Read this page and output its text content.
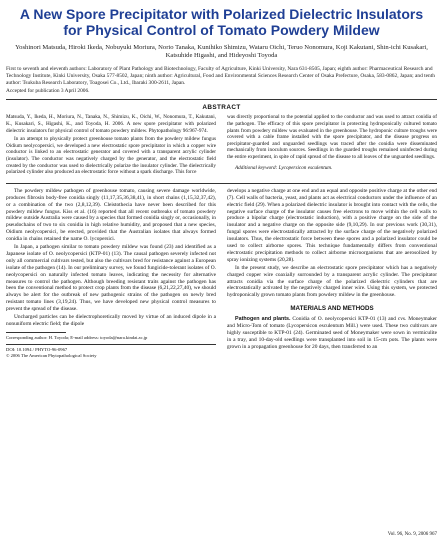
A New Spore Precipitator with Polarized Dielectric Insulators for Physical Control of Tomato Powdery Mildew

Yoshinori Matsuda, Hiroki Ikeda, Nobuyuki Moriura, Norio Tanaka, Kunihiko Shimizu, Wataru Oichi, Teruo Nonomura, Koji Kakutani, Shin-ichi Kusakari, Katsuhide Higashi, and Hideyoshi Toyoda

First to seventh and eleventh authors: Laboratory of Plant Pathology and Biotechnology, Faculty of Agriculture, Kinki University, Nara 631-8505, Japan; eighth author: Pharmaceutical Research and Technology Institute, Kinki University, Osaka 577-8502, Japan; ninth author: Agricultural, Food and Environmental Sciences Research Center of Osaka Prefecture, Osaka, 583-0862, Japan; and tenth author: Tsukuba Research Laboratory, Toagosei Co., Ltd., Ibaraki 300-2611, Japan.

Accepted for publication 3 April 2006.

ABSTRACT

Matsuda, Y., Ikeda, H., Moriura, N., Tanaka, N., Shimizu, K., Oichi, W., Nonomura, T., Kakutani, K., Kusakari, S., Higashi, K., and Toyoda, H. 2006. A new spore precipitator with polarized dielectric insulators for physical control of tomato powdery mildew. Phytopathology 96:967-974.

In an attempt to physically protect greenhouse tomato plants from the powdery mildew fungus Oidium neolycopersici, we developed a new electrostatic spore precipitator in which a copper wire conductor is linked to an electrostatic generator and covered with a transparent acrylic cylinder (insulator). The conductor was negatively charged by the generator, and the electrostatic field created by the conductor was used to dielectrically polarize the insulator cylinder. The dielectrically polarized cylinder also produced an electrostatic force without a spark discharge. This force

was directly proportional to the potential applied to the conductor and was used to attract conidia of the pathogen. The efficacy of this spore precipitator in protecting hydroponically cultured tomato plants from powdery mildew was evaluated in the greenhouse. The hydroponic culture troughs were covered with a cable frame installed with the spore precipitator, and the disease progress on precipitator-guarded and unguarded seedlings was traced after the conidia were disseminated mechanically from inoculum sources. Seedlings in the guarded troughs remained uninfected during the entire experiment, in spite of rapid spread of the disease to all leaves of the unguarded seedlings.

Additional keyword: Lycopersicon esculentum.

The powdery mildew pathogen of greenhouse tomato, causing severe damage worldwide, produces fibrosin body-free conidia singly (11,17,35,36,38,41), in short chains (1,15,32,37,42), or a combination of the two (2,8,12,39). Cleistothecia have never been described for this powdery mildew fungus. Kiss et al. (16) reported that all recent outbreaks of tomato powdery mildew outside Australia were caused by a species that formed conidia singly or, occasionally, in pseudochains of two to six conidia in high relative humidity, and proposed that a new species, Oidium neolycopersici, be erected, provided that the Australian isolates that always formed conidia in chains retained the name O. lycopersici.

In Japan, a pathogen similar to tomato powdery mildew was found (23) and identified as a Japanese isolate of O. neolycopersici (KTP-01) (13). The causal pathogen severely infected not only all commercial cultivars tested, but also the cultivars bred for resistance against a European isolate of the pathogen (14). In our preliminary survey, we found fungicide-tolerant isolates of O. neolycopersici on naturally infected tomato leaves, indicating the necessity for alternative measures to control the pathogen. Although breeding resistant traits against the pathogen has been the conventional method to protect crop plants from the disease (6,21,22,27,40), we should always be alert for the outbreak of new pathogenic strains of the pathogen on newly bred resistant tomato lines (3,19,24). Thus, we have developed new physical control measures to prevent the spread of the disease.

Uncharged particles can be dielectrophoretically moved by virtue of an induced dipole in a nonuniform electric field; the dipole

Corresponding author: H. Toyoda; E-mail address: toyoda@nara.kindai.ac.jp

DOI: 10.1094 / PHYTO-96-0967

© 2006 The American Phytopathological Society

develops a negative charge at one end and an equal and opposite positive charge at the other end (7). Cell walls of bacteria, yeast, and plants act as electrical conductors under the influence of an electric field (29). When a polarized dielectric insulator is brought into contact with the cells, the negative surface charge of the insulator causes free electrons to move within the cell walls to produce a bipolar charge (electrostatic induction), with a positive charge on the side of the insulator and a negative charge on the opposite side (9,10,29). In our previous work (30,31), fungal spores were electrostatically attracted by the surface charge of the negatively polarized insulators. Thus, the electrostatic force between these spores and a polarized insulator could be used to collect airborne spores. This technique fundamentally differs from conventional electrostatic precipitation methods to collect airborne microorganisms that are aerosolized by spray ionizing systems (20,28).

In the present study, we describe an electrostatic spore precipitator which has a negatively charged copper wire coaxially surrounded by a transparent acrylic cylinder. The precipitator attracts conidia via the surface charge of the polarized dielectric cylinders that are electrostatically activated by the negatively charged inner wire. Using this system, we protected hydroponically grown tomato plants from powdery mildew in the greenhouse.

MATERIALS AND METHODS

Pathogen and plants. Conidia of O. neolycopersici KTP-01 (13) and cvs. Moneymaker and Micro-Tom of tomato (Lycopersicon esculentum Mill.) were used. These two cultivars are highly susceptible to KTP-01 (24). Germinated seed of Moneymaker were sown in vermiculite in a tray, and 10-day-old seedlings were transplanted into soil in 15-cm pots. The plants were grown in a propagation greenhouse for 20 days, then transferred to an

Vol. 96, No. 9, 2006 967
